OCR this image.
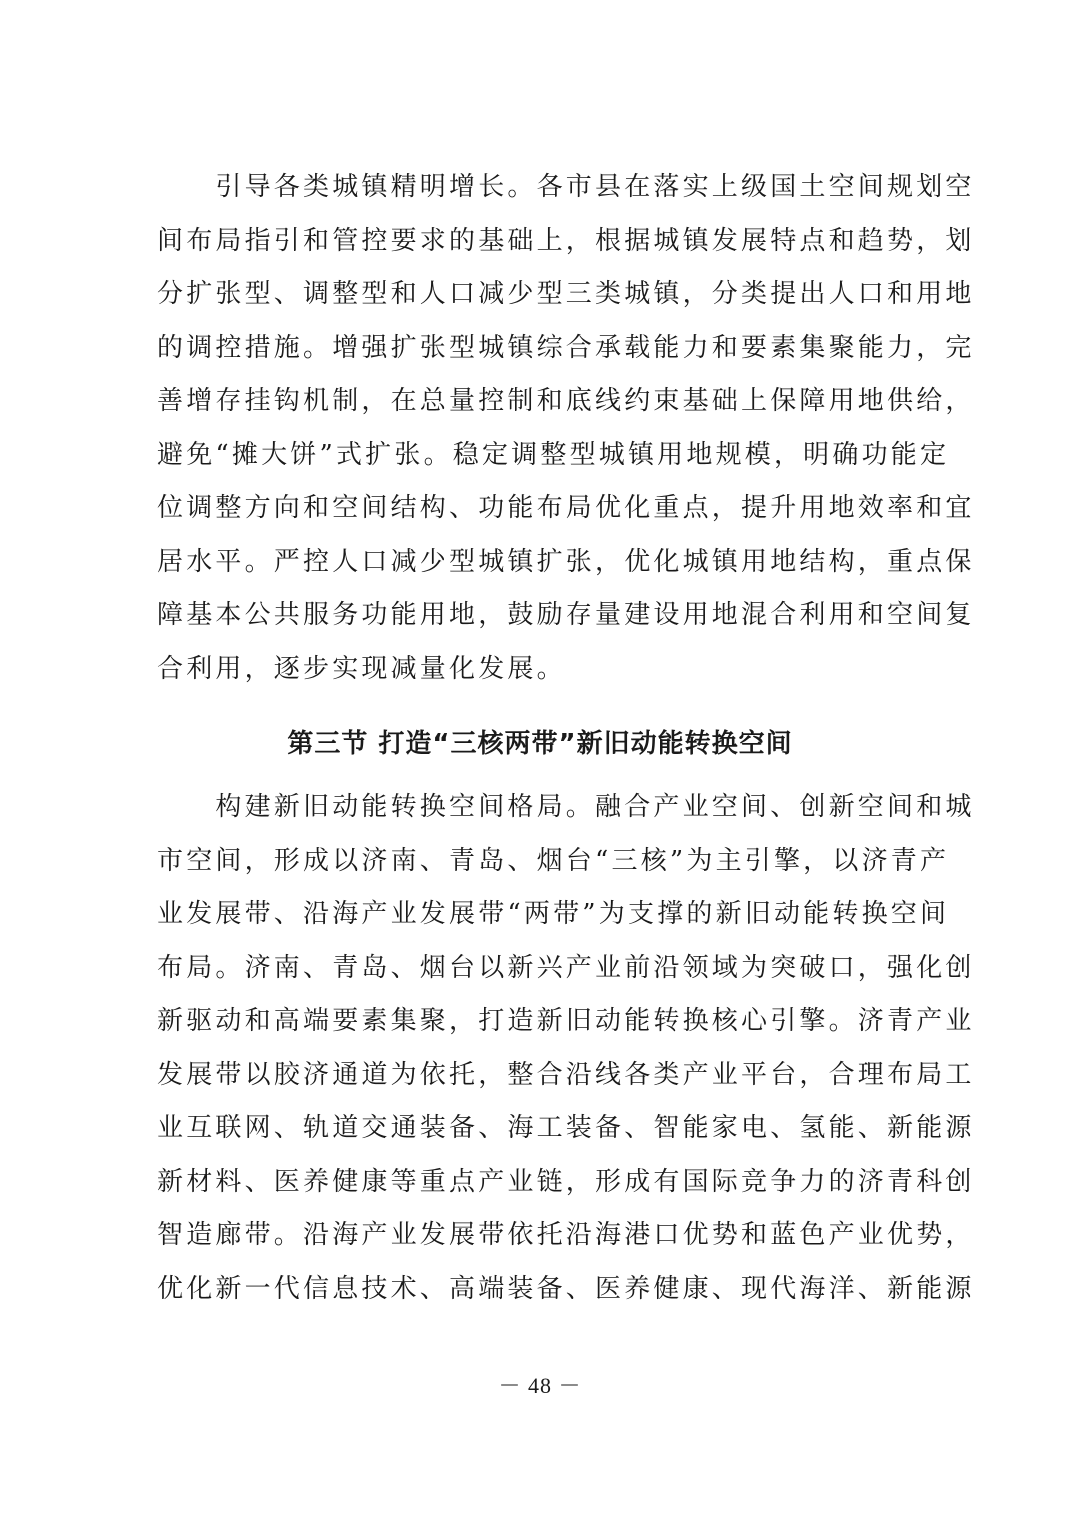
　　引导各类城镇精明增长。各市县在落实上级国土空间规划空
间布局指引和管控要求的基础上，根据城镇发展特点和趋势，划
分扩张型、调整型和人口减少型三类城镇，分类提出人口和用地
的调控措施。增强扩张型城镇综合承载能力和要素集聚能力，完
善增存挂钩机制，在总量控制和底线约束基础上保障用地供给，
避免“摊大饼”式扩张。稳定调整型城镇用地规模，明确功能定
位调整方向和空间结构、功能布局优化重点，提升用地效率和宜
居水平。严控人口减少型城镇扩张，优化城镇用地结构，重点保
障基本公共服务功能用地，鼓励存量建设用地混合利用和空间复
合利用，逐步实现减量化发展。
第三节 打造“三核两带”新旧动能转换空间
　　构建新旧动能转换空间格局。融合产业空间、创新空间和城
市空间，形成以济南、青岛、烟台“三核”为主引擎，以济青产
业发展带、沿海产业发展带“两带”为支撑的新旧动能转换空间
布局。济南、青岛、烟台以新兴产业前沿领域为突破口，强化创
新驱动和高端要素集聚，打造新旧动能转换核心引擎。济青产业
发展带以胶济通道为依托，整合沿线各类产业平台，合理布局工
业互联网、轨道交通装备、海工装备、智能家电、氢能、新能源
新材料、医养健康等重点产业链，形成有国际竞争力的济青科创
智造廊带。沿海产业发展带依托沿海港口优势和蓝色产业优势，
优化新一代信息技术、高端装备、医养健康、现代海洋、新能源
－ 48 －
